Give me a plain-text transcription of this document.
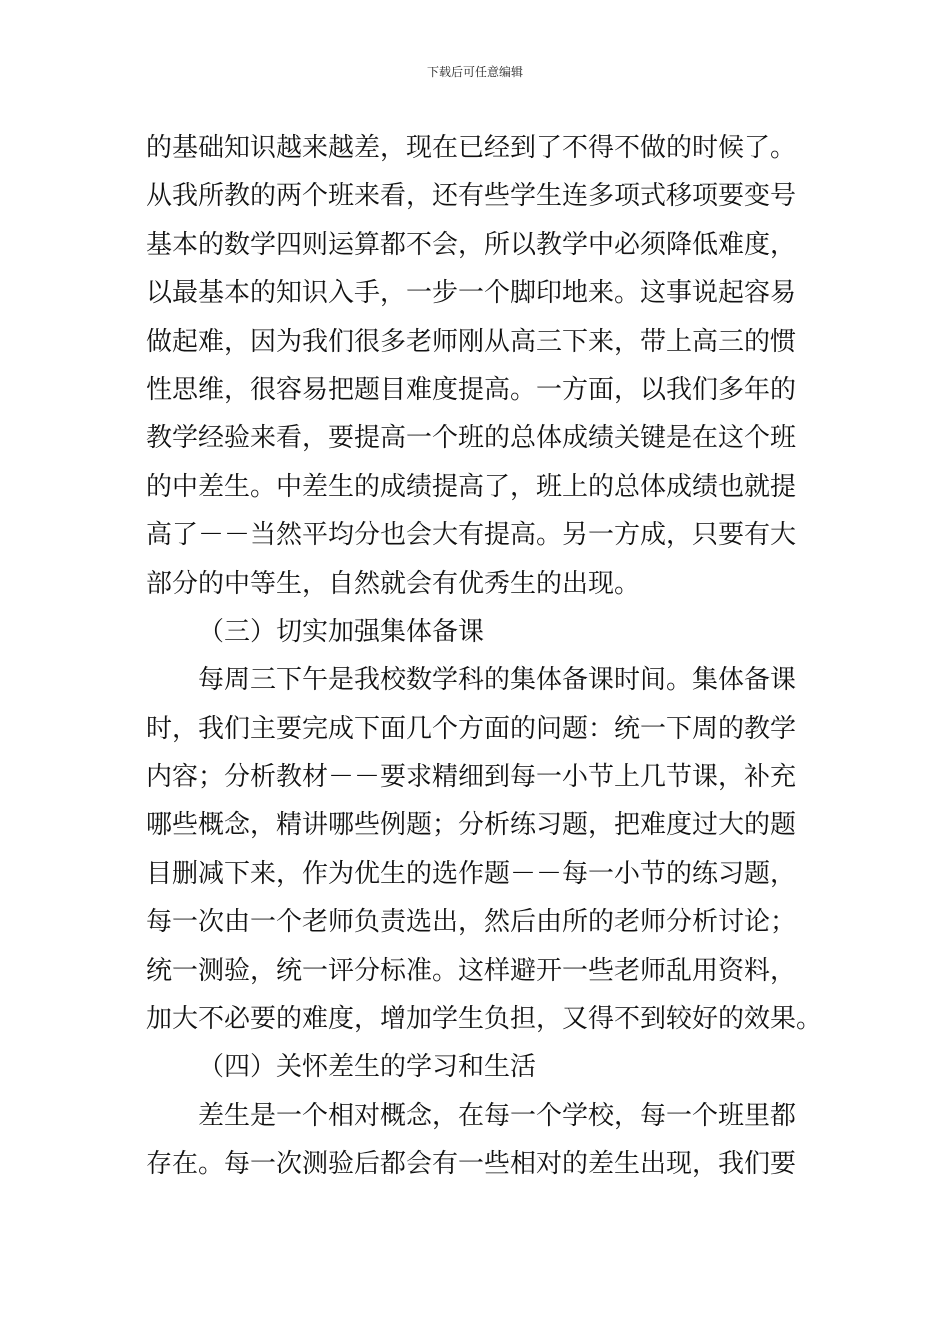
下载后可任意编辑
的基础知识越来越差，现在已经到了不得不做的时候了。
从我所教的两个班来看，还有些学生连多项式移项要变号
基本的数学四则运算都不会，所以教学中必须降低难度，
以最基本的知识入手，一步一个脚印地来。这事说起容易
做起难，因为我们很多老师刚从高三下来，带上高三的惯
性思维，很容易把题目难度提高。一方面，以我们多年的
教学经验来看，要提高一个班的总体成绩关键是在这个班
的中差生。中差生的成绩提高了，班上的总体成绩也就提
高了－－当然平均分也会大有提高。另一方成，只要有大
部分的中等生，自然就会有优秀生的出现。
（三）切实加强集体备课
每周三下午是我校数学科的集体备课时间。集体备课
时，我们主要完成下面几个方面的问题：统一下周的教学
内容；分析教材－－要求精细到每一小节上几节课，补充
哪些概念，精讲哪些例题；分析练习题，把难度过大的题
目删减下来，作为优生的选作题－－每一小节的练习题，
每一次由一个老师负责选出，然后由所的老师分析讨论；
统一测验，统一评分标准。这样避开一些老师乱用资料，
加大不必要的难度，增加学生负担，又得不到较好的效果。
（四）关怀差生的学习和生活
差生是一个相对概念，在每一个学校，每一个班里都
存在。每一次测验后都会有一些相对的差生出现，我们要
